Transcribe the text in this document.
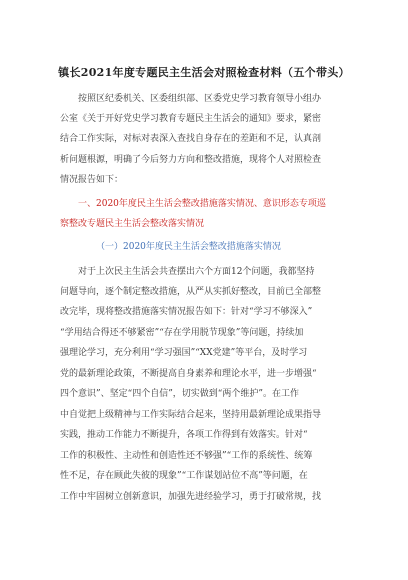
镇长2021年度专题民主生活会对照检查材料（五个带头）
按照区纪委机关、区委组织部、区委党史学习教育领导小组办
公室《关于开好党史学习教育专题民主生活会的通知》要求，紧密
结合工作实际，对标对表深入查找自身存在的差距和不足，认真剖
析问题根源，明确了今后努力方向和整改措施，现将个人对照检查
情况报告如下：
一、2020年度民主生活会整改措施落实情况、意识形态专项巡
察整改专题民主生活会整改落实情况
（一）2020年度民主生活会整改措施落实情况
对于上次民主生活会共查摆出六个方面12个问题，我都坚持
问题导向，逐个制定整改措施，从严从实抓好整改，目前已全部整
改完毕，现将整改措施落实情况报告如下：针对“学习不够深入”
“学用结合得还不够紧密”“存在学用脱节现象”等问题，持续加
强理论学习，充分利用“学习强国”“XX党建”等平台，及时学习
党的最新理论政策，不断提高自身素养和理论水平，进一步增强“
四个意识”、坚定“四个自信”，切实做到“两个维护”。在工作
中自觉把上级精神与工作实际结合起来，坚持用最新理论成果指导
实践，推动工作能力不断提升，各项工作得到有效落实。针对“
工作的积极性、主动性和创造性还不够强”“工作的系统性、统筹
性不足，存在顾此失彼的现象”“工作谋划站位不高”等问题，在
工作中牢固树立创新意识，加强先进经验学习，勇于打破常规，找
